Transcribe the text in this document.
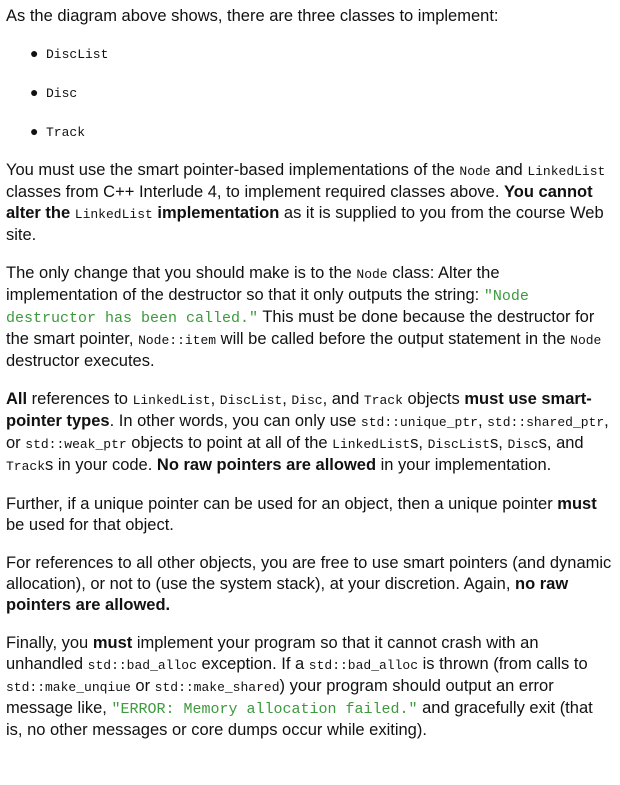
As the diagram above shows, there are three classes to implement:

● DiscList
● Disc
● Track

You must use the smart pointer-based implementations of the Node and LinkedList classes from C++ Interlude 4, to implement required classes above. You cannot alter the LinkedList implementation as it is supplied to you from the course Web site.

The only change that you should make is to the Node class: Alter the implementation of the destructor so that it only outputs the string: "Node destructor has been called." This must be done because the destructor for the smart pointer, Node::item will be called before the output statement in the Node destructor executes.

All references to LinkedList, DiscList, Disc, and Track objects must use smart-pointer types. In other words, you can only use std::unique_ptr, std::shared_ptr, or std::weak_ptr objects to point at all of the LinkedLists, DiscLists, Discs, and Tracks in your code. No raw pointers are allowed in your implementation.

Further, if a unique pointer can be used for an object, then a unique pointer must be used for that object.

For references to all other objects, you are free to use smart pointers (and dynamic allocation), or not to (use the system stack), at your discretion. Again, no raw pointers are allowed.

Finally, you must implement your program so that it cannot crash with an unhandled std::bad_alloc exception. If a std::bad_alloc is thrown (from calls to std::make_unqiue or std::make_shared) your program should output an error message like, "ERROR: Memory allocation failed." and gracefully exit (that is, no other messages or core dumps occur while exiting).
